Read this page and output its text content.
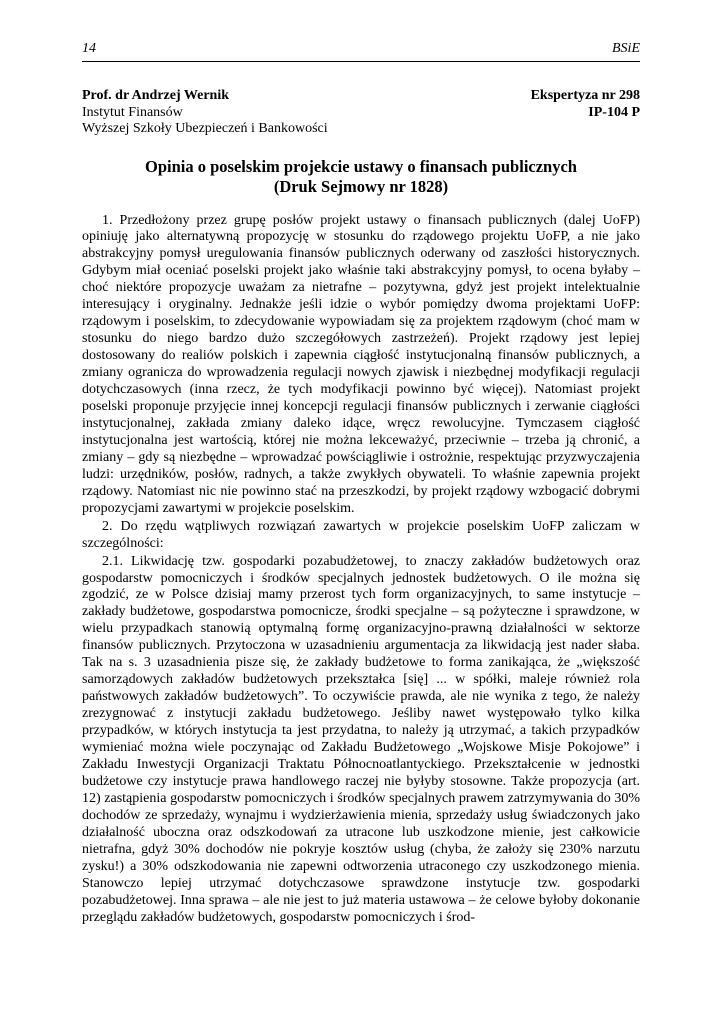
14	BSiE
Prof. dr Andrzej Wernik	Ekspertyza nr 298
Instytut Finansów	IP-104 P
Wyższej Szkoły Ubezpieczeń i Bankowości
Opinia o poselskim projekcie ustawy o finansach publicznych
(Druk Sejmowy nr 1828)

1. Przedłożony przez grupę posłów projekt ustawy o finansach publicznych (dalej UoFP) opiniuję jako alternatywną propozycję w stosunku do rządowego projektu UoFP, a nie jako abstrakcyjny pomysł uregulowania finansów publicznych oderwany od zaszłości historycznych. Gdybym miał oceniać poselski projekt jako właśnie taki abstrakcyjny pomysł, to ocena byłaby – choć niektóre propozycje uważam za nietrafne – pozytywna, gdyż jest projekt intelektualnie interesujący i oryginalny. Jednakże jeśli idzie o wybór pomiędzy dwoma projektami UoFP: rządowym i poselskim, to zdecydowanie wypowiadam się za projektem rządowym (choć mam w stosunku do niego bardzo dużo szczegółowych zastrzeżeń). Projekt rządowy jest lepiej dostosowany do realiów polskich i zapewnia ciągłość instytucjonalną finansów publicznych, a zmiany ogranicza do wprowadzenia regulacji nowych zjawisk i niezbędnej modyfikacji regulacji dotychczasowych (inna rzecz, że tych modyfikacji powinno być więcej). Natomiast projekt poselski proponuje przyjęcie innej koncepcji regulacji finansów publicznych i zerwanie ciągłości instytucjonalnej, zakłada zmiany daleko idące, wręcz rewolucyjne. Tymczasem ciągłość instytucjonalna jest wartością, której nie można lekceważyć, przeciwnie – trzeba ją chronić, a zmiany – gdy są niezbędne – wprowadzać powściągliwie i ostrożnie, respektując przyzwyczajenia ludzi: urzędników, posłów, radnych, a także zwykłych obywateli. To właśnie zapewnia projekt rządowy. Natomiast nic nie powinno stać na przeszkodzi, by projekt rządowy wzbogacić dobrymi propozycjami zawartymi w projekcie poselskim.

2. Do rzędu wątpliwych rozwiązań zawartych w projekcie poselskim UoFP zaliczam w szczególności:

2.1. Likwidację tzw. gospodarki pozabudżetowej, to znaczy zakładów budżetowych oraz gospodarstw pomocniczych i środków specjalnych jednostek budżetowych. O ile można się zgodzić, ze w Polsce dzisiaj mamy przerost tych form organizacyjnych, to same instytucje – zakłady budżetowe, gospodarstwa pomocnicze, środki specjalne – są pożyteczne i sprawdzone, w wielu przypadkach stanowią optymalną formę organizacyjno-prawną działalności w sektorze finansów publicznych. Przytoczona w uzasadnieniu argumentacja za likwidacją jest nader słaba. Tak na s. 3 uzasadnienia pisze się, że zakłady budżetowe to forma zanikająca, że „większość samorządowych zakładów budżetowych przekształca [się] ... w spółki, maleje również rola państwowych zakładów budżetowych”. To oczywiście prawda, ale nie wynika z tego, że należy zrezygnować z instytucji zakładu budżetowego. Jeśliby nawet występowało tylko kilka przypadków, w których instytucja ta jest przydatna, to należy ją utrzymać, a takich przypadków wymieniać można wiele poczynając od Zakładu Budżetowego „Wojskowe Misje Pokojowe” i Zakładu Inwestycji Organizacji Traktatu Północnoatlantyckiego. Przekształcenie w jednostki budżetowe czy instytucje prawa handlowego raczej nie byłyby stosowne. Także propozycja (art. 12) zastąpienia gospodarstw pomocniczych i środków specjalnych prawem zatrzymywania do 30% dochodów ze sprzedaży, wynajmu i wydzierżawienia mienia, sprzedaży usług świadczonych jako działalność uboczna oraz odszkodowań za utracone lub uszkodzone mienie, jest całkowicie nietrafna, gdyż 30% dochodów nie pokryje kosztów usług (chyba, że założy się 230% narzutu zysku!) a 30% odszkodowania nie zapewni odtworzenia utraconego czy uszkodzonego mienia. Stanowczo lepiej utrzymać dotychczasowe sprawdzone instytucje tzw. gospodarki pozabudżetowej. Inna sprawa – ale nie jest to już materia ustawowa – że celowe byłoby dokonanie przeglądu zakładów budżetowych, gospodarstw pomocniczych i środ-
